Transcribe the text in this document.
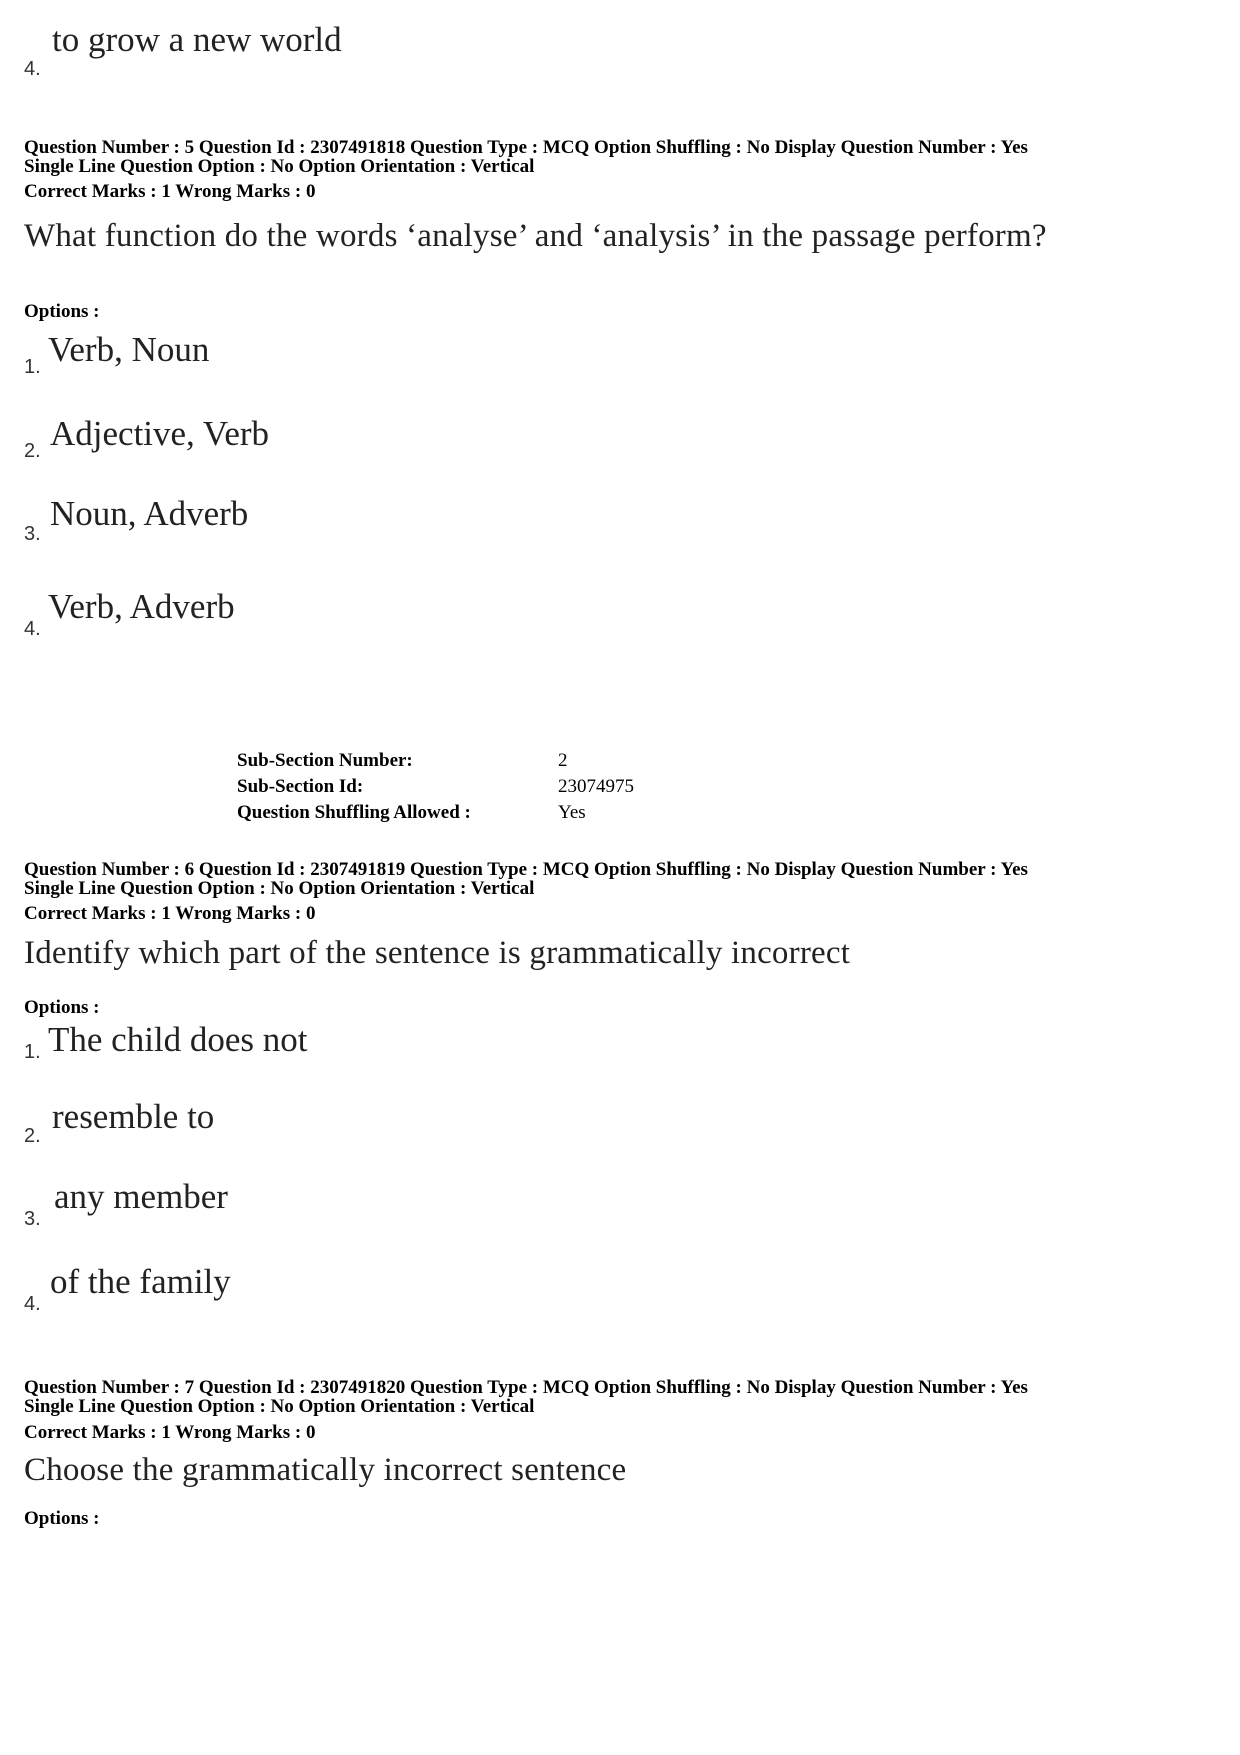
4.
to grow a new world
Question Number : 5 Question Id : 2307491818 Question Type : MCQ Option Shuffling : No Display Question Number : Yes
Single Line Question Option : No Option Orientation : Vertical
Correct Marks : 1 Wrong Marks : 0
What function do the words ‘analyse’ and ‘analysis’ in the passage perform?
Options :
1. Verb, Noun
2. Adjective, Verb
3.
Noun, Adverb
4.
Verb, Adverb
Sub-Section Number:	2
Sub-Section Id:	23074975
Question Shuffling Allowed :	Yes
Question Number : 6 Question Id : 2307491819 Question Type : MCQ Option Shuffling : No Display Question Number : Yes
Single Line Question Option : No Option Orientation : Vertical
Correct Marks : 1 Wrong Marks : 0
Identify which part of the sentence is grammatically incorrect
Options :
1. The child does not
2. resemble to
3.
any member
4.
of the family
Question Number : 7 Question Id : 2307491820 Question Type : MCQ Option Shuffling : No Display Question Number : Yes
Single Line Question Option : No Option Orientation : Vertical
Correct Marks : 1 Wrong Marks : 0
Choose the grammatically incorrect sentence
Options :
